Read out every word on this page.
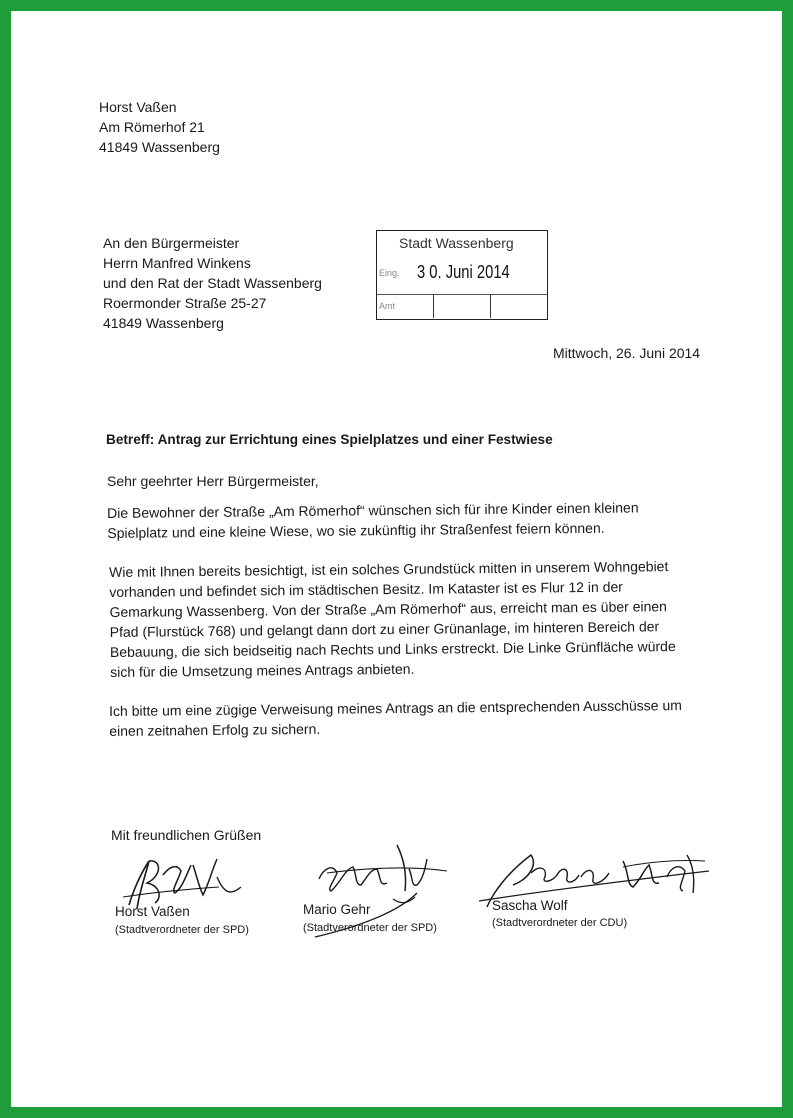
Horst Vaßen
Am Römerhof 21
41849 Wassenberg
An den Bürgermeister
Herrn Manfred Winkens
und den Rat der Stadt Wassenberg
Roermonder Straße 25-27
41849 Wassenberg
Stadt Wassenberg
Eing. 3 0. Juni 2014
Amt
Mittwoch, 26. Juni 2014
Betreff: Antrag zur Errichtung eines Spielplatzes und einer Festwiese
Sehr geehrter Herr Bürgermeister,
Die Bewohner der Straße „Am Römerhof“ wünschen sich für ihre Kinder einen kleinen
Spielplatz und eine kleine Wiese, wo sie zukünftig ihr Straßenfest feiern können.
Wie mit Ihnen bereits besichtigt, ist ein solches Grundstück mitten in unserem Wohngebiet
vorhanden und befindet sich im städtischen Besitz. Im Kataster ist es Flur 12 in der
Gemarkung Wassenberg. Von der Straße „Am Römerhof“ aus, erreicht man es über einen
Pfad (Flurstück 768) und gelangt dann dort zu einer Grünanlage, im hinteren Bereich der
Bebauung, die sich beidseitig nach Rechts und Links erstreckt. Die Linke Grünfläche würde
sich für die Umsetzung meines Antrags anbieten.
Ich bitte um eine zügige Verweisung meines Antrags an die entsprechenden Ausschüsse um
einen zeitnahen Erfolg zu sichern.
Mit freundlichen Grüßen
Horst Vaßen
(Stadtverordneter der SPD)
Mario Gehr
(Stadtverordneter der SPD)
Sascha Wolf
(Stadtverordneter der CDU)
